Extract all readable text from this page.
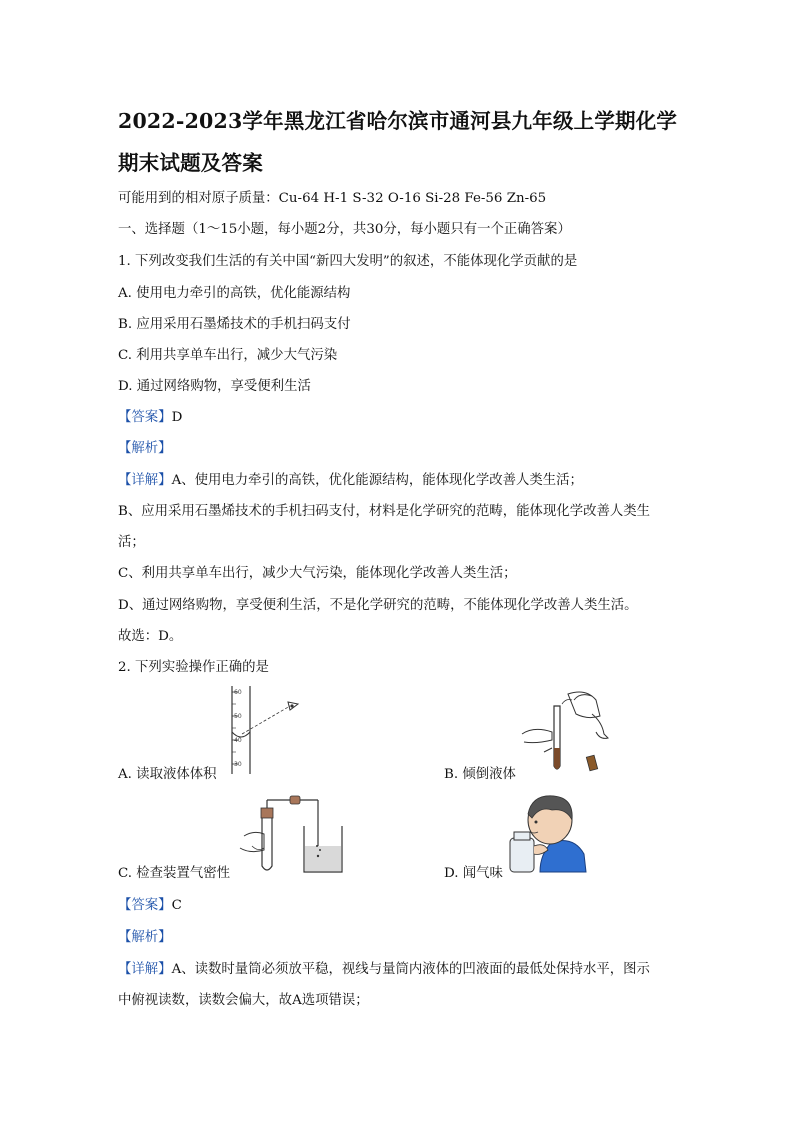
2022-2023学年黑龙江省哈尔滨市通河县九年级上学期化学
期末试题及答案
可能用到的相对原子质量：Cu-64 H-1 S-32 O-16 Si-28 Fe-56 Zn-65
一、选择题（1～15小题，每小题2分，共30分，每小题只有一个正确答案）
1. 下列改变我们生活的有关中国“新四大发明”的叙述，不能体现化学贡献的是
A. 使用电力牵引的高铁，优化能源结构
B. 应用采用石墨烯技术的手机扫码支付
C. 利用共享单车出行，减少大气污染
D. 通过网络购物，享受便利生活
【答案】D
【解析】
【详解】A、使用电力牵引的高铁，优化能源结构，能体现化学改善人类生活；
B、应用采用石墨烯技术的手机扫码支付，材料是化学研究的范畴，能体现化学改善人类生
活；
C、利用共享单车出行，减少大气污染，能体现化学改善人类生活；
D、通过网络购物，享受便利生活，不是化学研究的范畴，不能体现化学改善人类生活。
故选：D。
2. 下列实验操作正确的是
60
50
40
30
A. 读取液体体积	B. 倾倒液体
C. 检查装置气密性	D. 闻气味
【答案】C
【解析】
【详解】A、读数时量筒必须放平稳，视线与量筒内液体的凹液面的最低处保持水平，图示
中俯视读数，读数会偏大，故A选项错误；
